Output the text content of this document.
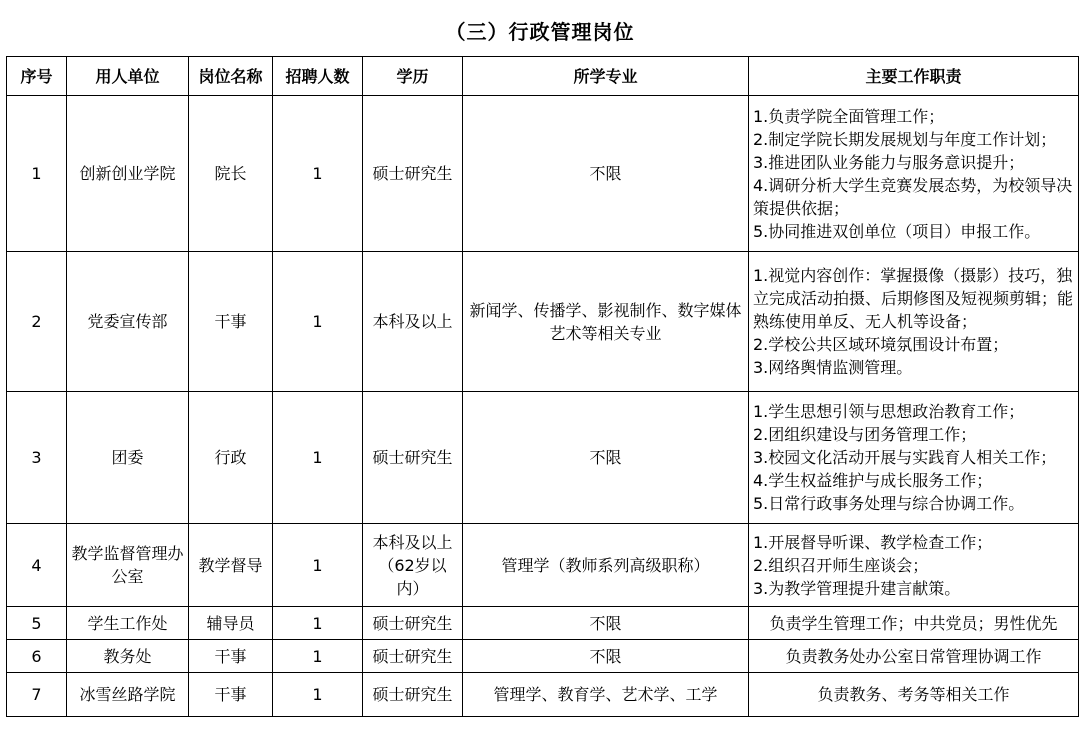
（三）行政管理岗位
序号	用人单位	岗位名称	招聘人数	学历	所学专业	主要工作职责
1	创新创业学院	院长	1	硕士研究生	不限	1.负责学院全面管理工作；
2.制定学院长期发展规划与年度工作计划；
3.推进团队业务能力与服务意识提升；
4.调研分析大学生竞赛发展态势，为校领导决策提供依据；
5.协同推进双创单位（项目）申报工作。

2	党委宣传部	干事	1	本科及以上	新闻学、传播学、影视制作、数字媒体艺术等相关专业	1.视觉内容创作：掌握摄像（摄影）技巧，独立完成活动拍摄、后期修图及短视频剪辑；能熟练使用单反、无人机等设备；
2.学校公共区域环境氛围设计布置；
3.网络舆情监测管理。

3	团委	行政	1	硕士研究生	不限	1.学生思想引领与思想政治教育工作；
2.团组织建设与团务管理工作；
3.校园文化活动开展与实践育人相关工作；
4.学生权益维护与成长服务工作；
5.日常行政事务处理与综合协调工作。

4	教学监督管理办公室	教学督导	1	本科及以上（62岁以内）	管理学（教师系列高级职称）	1.开展督导听课、教学检查工作；
2.组织召开师生座谈会；
3.为教学管理提升建言献策。

5	学生工作处	辅导员	1	硕士研究生	不限	负责学生管理工作；中共党员；男性优先

6	教务处	干事	1	硕士研究生	不限	负责教务处办公室日常管理协调工作

7	冰雪丝路学院	干事	1	硕士研究生	管理学、教育学、艺术学、工学	负责教务、考务等相关工作
